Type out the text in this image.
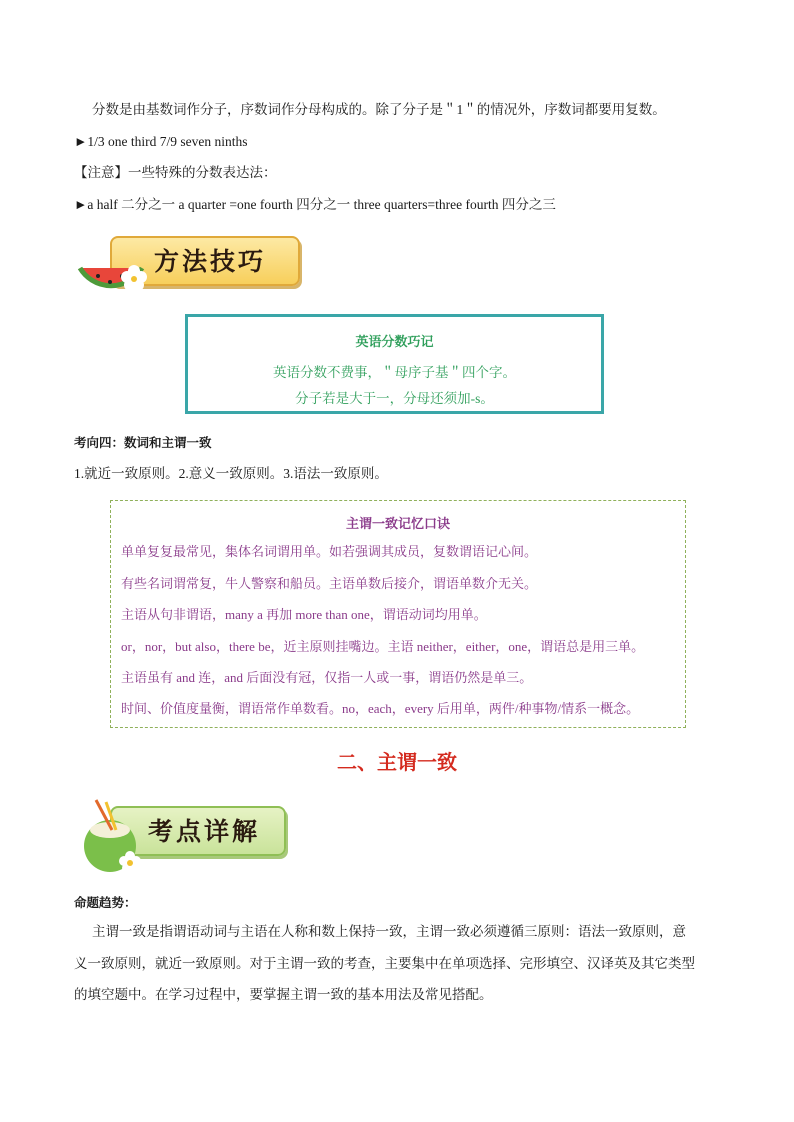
分数是由基数词作分子，序数词作分母构成的。除了分子是＂1＂的情况外，序数词都要用复数。
►1/3 one third 7/9 seven ninths
【注意】一些特殊的分数表达法：
►a half 二分之一 a quarter =one fourth 四分之一 three quarters=three fourth 四分之三
方法技巧
英语分数巧记
英语分数不费事，＂母序子基＂四个字。
分子若是大于一，分母还须加-s。
考向四：数词和主谓一致
1.就近一致原则。2.意义一致原则。3.语法一致原则。
主谓一致记忆口诀
单单复复最常见，集体名词谓用单。如若强调其成员，复数谓语记心间。
有些名词谓常复，牛人警察和船员。主语单数后接介，谓语单数介无关。
主语从句非谓语，many a 再加 more than one，谓语动词均用单。
or，nor，but also，there be，近主原则挂嘴边。主语 neither，either，one，谓语总是用三单。
主语虽有 and 连，and 后面没有冠，仅指一人或一事，谓语仍然是单三。
时间、价值度量衡，谓语常作单数看。no，each，every 后用单，两件/种事物/情系一概念。
二、主谓一致
考点详解
命题趋势：
主谓一致是指谓语动词与主语在人称和数上保持一致，主谓一致必须遵循三原则：语法一致原则，意
义一致原则，就近一致原则。对于主谓一致的考查，主要集中在单项选择、完形填空、汉译英及其它类型
的填空题中。在学习过程中，要掌握主谓一致的基本用法及常见搭配。
